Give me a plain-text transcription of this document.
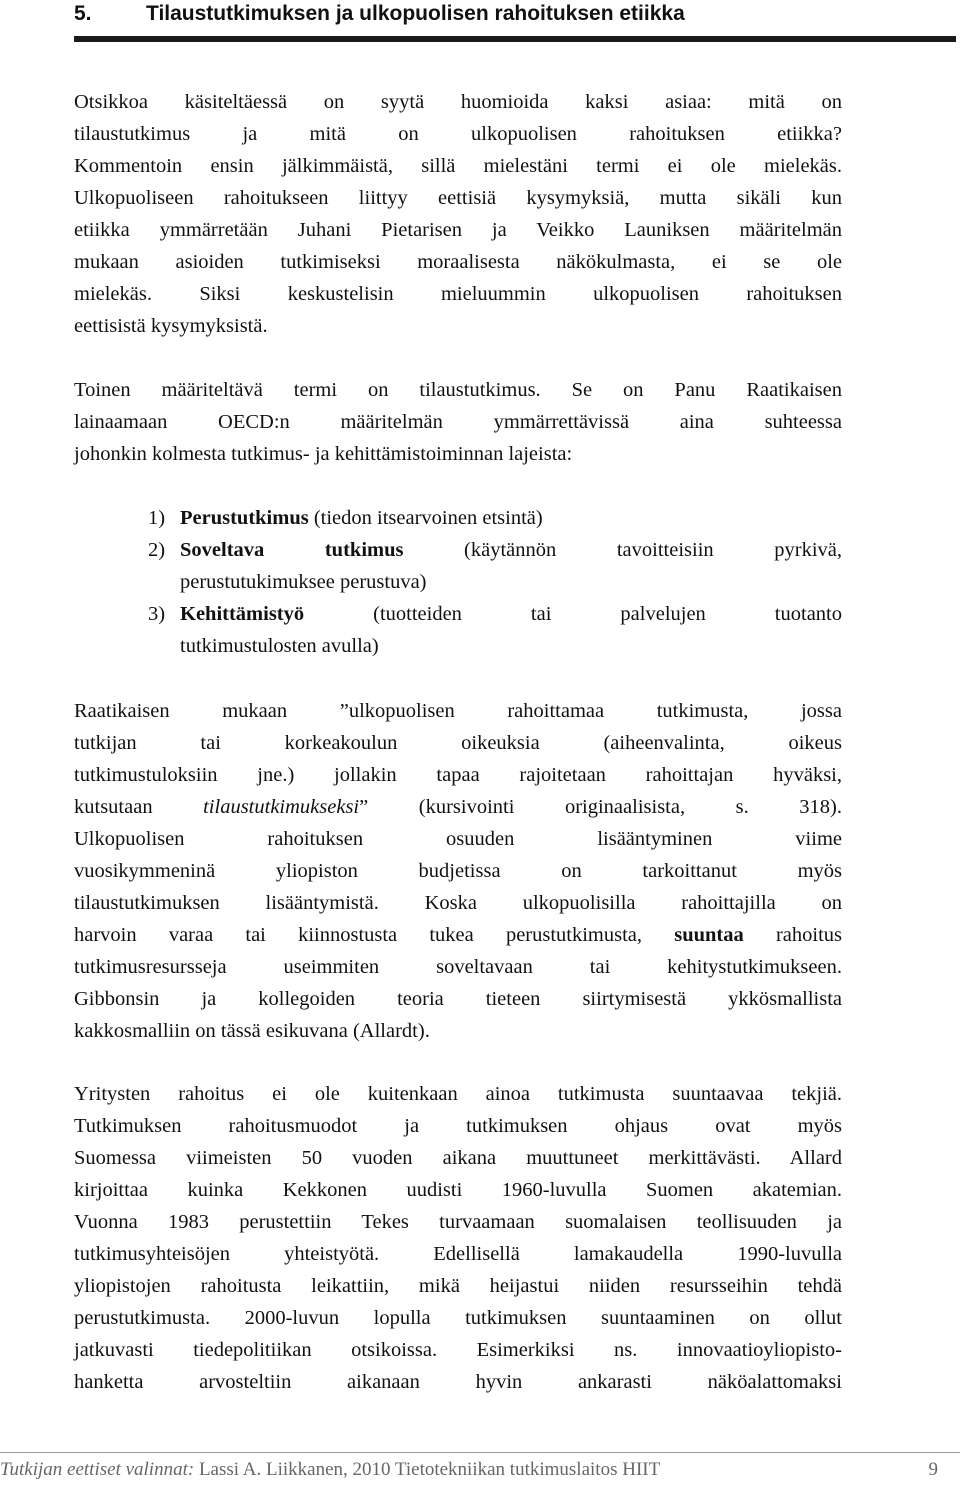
5.	Tilaustutkimuksen ja ulkopuolisen rahoituksen etiikka
Otsikkoa käsiteltäessä on syytä huomioida kaksi asiaa: mitä on
tilaustutkimus ja mitä on ulkopuolisen rahoituksen etiikka?
Kommentoin ensin jälkimmäistä, sillä mielestäni termi ei ole mielekäs.
Ulkopuoliseen rahoitukseen liittyy eettisiä kysymyksiä, mutta sikäli kun
etiikka ymmärretään Juhani Pietarisen ja Veikko Launiksen määritelmän
mukaan asioiden tutkimiseksi moraalisesta näkökulmasta, ei se ole
mielekäs. Siksi keskustelisin mieluummin ulkopuolisen rahoituksen
eettisistä kysymyksistä.
Toinen määriteltävä termi on tilaustutkimus. Se on Panu Raatikaisen
lainaamaan OECD:n määritelmän ymmärrettävissä aina suhteessa
johonkin kolmesta tutkimus- ja kehittämistoiminnan lajeista:
1) Perustutkimus (tiedon itsearvoinen etsintä)
2) Soveltava tutkimus (käytännön tavoitteisiin pyrkivä,
perustutukimuksee perustuva)
3) Kehittämistyö (tuotteiden tai palvelujen tuotanto
tutkimustulosten avulla)
Raatikaisen mukaan ”ulkopuolisen rahoittamaa tutkimusta, jossa
tutkijan tai korkeakoulun oikeuksia (aiheenvalinta, oikeus
tutkimustuloksiin jne.) jollakin tapaa rajoitetaan rahoittajan hyväksi,
kutsutaan tilaustutkimukseksi” (kursivointi originaalisista, s. 318).
Ulkopuolisen rahoituksen osuuden lisääntyminen viime
vuosikymmeninä yliopiston budjetissa on tarkoittanut myös
tilaustutkimuksen lisääntymistä. Koska ulkopuolisilla rahoittajilla on
harvoin varaa tai kiinnostusta tukea perustutkimusta, suuntaa rahoitus
tutkimusresursseja useimmiten soveltavaan tai kehitystutkimukseen.
Gibbonsin ja kollegoiden teoria tieteen siirtymisestä ykkösmallista
kakkosmalliin on tässä esikuvana (Allardt).
Yritysten rahoitus ei ole kuitenkaan ainoa tutkimusta suuntaavaa tekjiä.
Tutkimuksen rahoitusmuodot ja tutkimuksen ohjaus ovat myös
Suomessa viimeisten 50 vuoden aikana muuttuneet merkittävästi. Allard
kirjoittaa kuinka Kekkonen uudisti 1960-luvulla Suomen akatemian.
Vuonna 1983 perustettiin Tekes turvaamaan suomalaisen teollisuuden ja
tutkimusyhteisöjen yhteistyötä. Edellisellä lamakaudella 1990-luvulla
yliopistojen rahoitusta leikattiin, mikä heijastui niiden resursseihin tehdä
perustutkimusta. 2000-luvun lopulla tutkimuksen suuntaaminen on ollut
jatkuvasti tiedepolitiikan otsikoissa. Esimerkiksi ns. innovaatioyliopisto-
hanketta arvosteltiin aikanaan hyvin ankarasti näköalattomaksi
Tutkijan eettiset valinnat: Lassi A. Liikkanen, 2010 Tietotekniikan tutkimuslaitos HIIT	9
